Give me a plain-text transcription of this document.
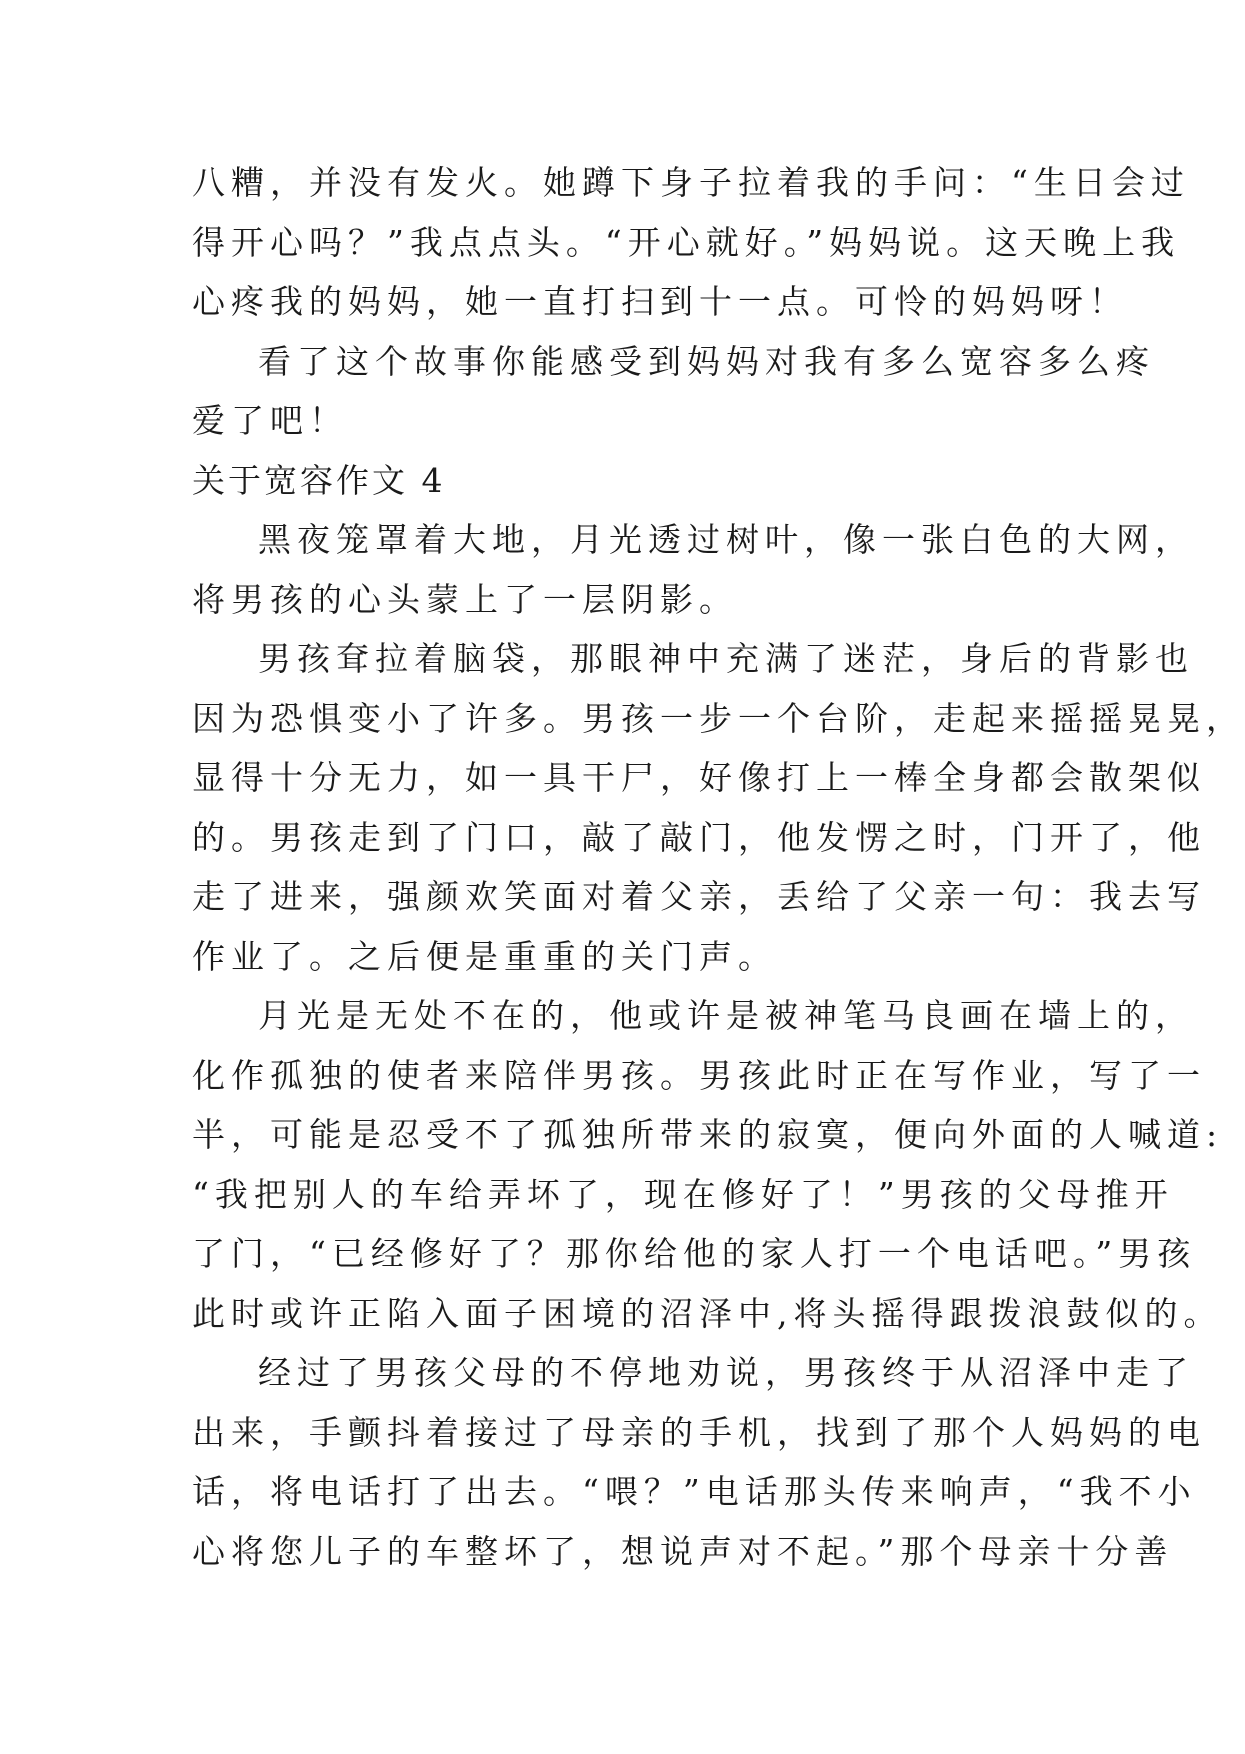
八糟，并没有发火。她蹲下身子拉着我的手问：“生日会过
得开心吗？”我点点头。“开心就好。”妈妈说。这天晚上我
心疼我的妈妈，她一直打扫到十一点。可怜的妈妈呀！
看了这个故事你能感受到妈妈对我有多么宽容多么疼
爱了吧！
关于宽容作文 4
黑夜笼罩着大地，月光透过树叶，像一张白色的大网，
将男孩的心头蒙上了一层阴影。
男孩耷拉着脑袋，那眼神中充满了迷茫，身后的背影也
因为恐惧变小了许多。男孩一步一个台阶，走起来摇摇晃晃，
显得十分无力，如一具干尸，好像打上一棒全身都会散架似
的。男孩走到了门口，敲了敲门，他发愣之时，门开了，他
走了进来，强颜欢笑面对着父亲，丢给了父亲一句：我去写
作业了。之后便是重重的关门声。
月光是无处不在的，他或许是被神笔马良画在墙上的，
化作孤独的使者来陪伴男孩。男孩此时正在写作业，写了一
半，可能是忍受不了孤独所带来的寂寞，便向外面的人喊道:
“我把别人的车给弄坏了，现在修好了！”男孩的父母推开
了门，“已经修好了？那你给他的家人打一个电话吧。”男孩
此时或许正陷入面子困境的沼泽中,将头摇得跟拨浪鼓似的。
经过了男孩父母的不停地劝说，男孩终于从沼泽中走了
出来，手颤抖着接过了母亲的手机，找到了那个人妈妈的电
话，将电话打了出去。“喂？”电话那头传来响声，“我不小
心将您儿子的车整坏了，想说声对不起。”那个母亲十分善
